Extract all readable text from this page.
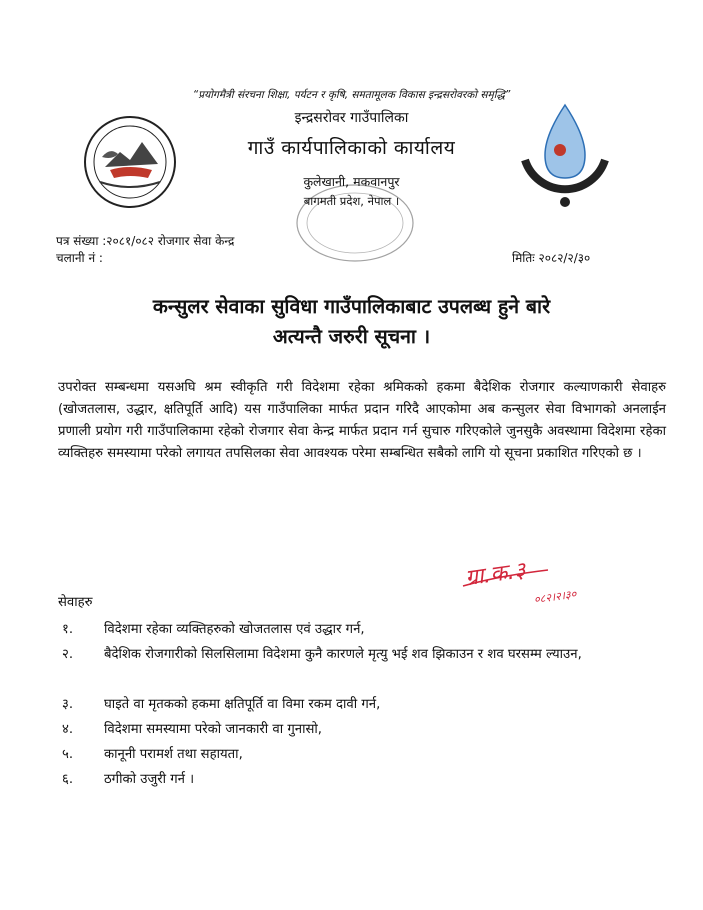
“प्रयोगमैत्री संरचना शिक्षा, पर्यटन र कृषि, समतामूलक विकास इन्द्रसरोवरको समृद्धि”
इन्द्रसरोवर गाउँपालिका
गाउँ कार्यपालिकाको कार्यालय
कुलेखानी, मकवानपुर
बागमती प्रदेश, नेपाल ।
पत्र संख्या :२०८१/०८२ रोजगार सेवा केन्द्र
चलानी नं :	मितिः २०८२/२/३०
कन्सुलर सेवाका सुविधा गाउँपालिकाबाट उपलब्ध हुने बारे
अत्यन्तै जरुरी सूचना ।
उपरोक्त सम्बन्धमा यसअघि श्रम स्वीकृति गरी विदेशमा रहेका श्रमिकको हकमा बैदेशिक रोजगार कल्याणकारी सेवाहरु (खोजतलास, उद्धार, क्षतिपूर्ति आदि) यस गाउँपालिका मार्फत प्रदान गरिदै आएकोमा अब कन्सुलर सेवा विभागको अनलाईन प्रणाली प्रयोग गरी गाउँपालिकामा रहेको रोजगार सेवा केन्द्र मार्फत प्रदान गर्न सुचारु गरिएकोले जुनसुकै अवस्थामा विदेशमा रहेका व्यक्तिहरु समस्यामा परेको लगायत तपसिलका सेवा आवश्यक परेमा सम्बन्धित सबैको लागि यो सूचना प्रकाशित गरिएको छ ।
ग्रा.क.३
०८२।२।३०
सेवाहरु
१. विदेशमा रहेका व्यक्तिहरुको खोजतलास एवं उद्धार गर्न,
२. बैदेशिक रोजगारीको सिलसिलामा विदेशमा कुनै कारणले मृत्यु भई शव झिकाउन र शव घरसम्म ल्याउन,
३. घाइते वा मृतकको हकमा क्षतिपूर्ति वा विमा रकम दावी गर्न,
४. विदेशमा समस्यामा परेको जानकारी वा गुनासो,
५. कानूनी परामर्श तथा सहायता,
६. ठगीको उजुरी गर्न ।
